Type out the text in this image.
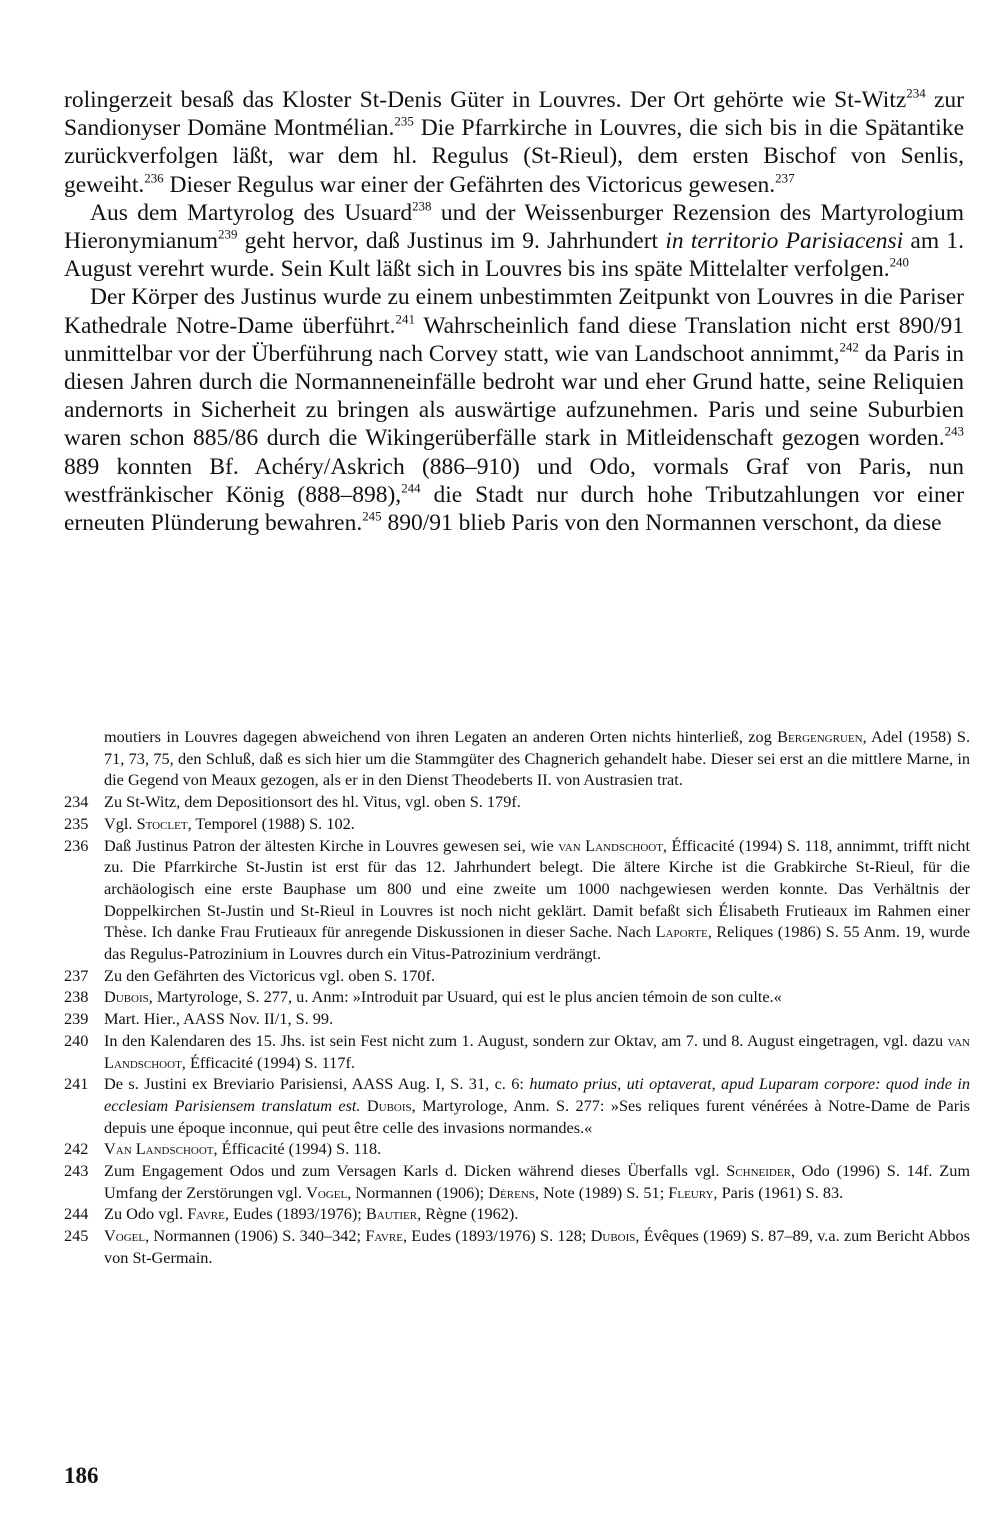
rolingerzeit besaß das Kloster St-Denis Güter in Louvres. Der Ort gehörte wie St-Witz$^{234}$ zur Sandionyser Domäne Montmélian.$^{235}$ Die Pfarrkirche in Louvres, die sich bis in die Spätantike zurückverfolgen läßt, war dem hl. Regulus (St-Rieul), dem ersten Bischof von Senlis, geweiht.$^{236}$ Dieser Regulus war einer der Gefährten des Victoricus gewesen.$^{237}$

Aus dem Martyrolog des Usuard$^{238}$ und der Weissenburger Rezension des Martyrologium Hieronymianum$^{239}$ geht hervor, daß Justinus im 9. Jahrhundert in territorio Parisiacensi am 1. August verehrt wurde. Sein Kult läßt sich in Louvres bis ins späte Mittelalter verfolgen.$^{240}$

Der Körper des Justinus wurde zu einem unbestimmten Zeitpunkt von Louvres in die Pariser Kathedrale Notre-Dame überführt.$^{241}$ Wahrscheinlich fand diese Translation nicht erst 890/91 unmittelbar vor der Überführung nach Corvey statt, wie van Landschoot annimmt,$^{242}$ da Paris in diesen Jahren durch die Normanneneinfälle bedroht war und eher Grund hatte, seine Reliquien andernorts in Sicherheit zu bringen als auswärtige aufzunehmen. Paris und seine Suburbien waren schon 885/86 durch die Wikingerüberfälle stark in Mitleidenschaft gezogen worden.$^{243}$ 889 konnten Bf. Achéry/Askrich (886–910) und Odo, vormals Graf von Paris, nun westfränkischer König (888–898),$^{244}$ die Stadt nur durch hohe Tributzahlungen vor einer erneuten Plünderung bewahren.$^{245}$ 890/91 blieb Paris von den Normannen verschont, da diese

moutiers in Louvres dagegen abweichend von ihren Legaten an anderen Orten nichts hinterließ, zog Bergengruen, Adel (1958) S. 71, 73, 75, den Schluß, daß es sich hier um die Stammgüter des Chagnerich gehandelt habe. Dieser sei erst an die mittlere Marne, in die Gegend von Meaux gezogen, als er in den Dienst Theodeberts II. von Austrasien trat.

234 Zu St-Witz, dem Depositionsort des hl. Vitus, vgl. oben S. 179f.

235 Vgl. Stoclet, Temporel (1988) S. 102.

236 Daß Justinus Patron der ältesten Kirche in Louvres gewesen sei, wie van Landschoot, Éfficacité (1994) S. 118, annimmt, trifft nicht zu. Die Pfarrkirche St-Justin ist erst für das 12. Jahrhundert belegt. Die ältere Kirche ist die Grabkirche St-Rieul, für die archäologisch eine erste Bauphase um 800 und eine zweite um 1000 nachgewiesen werden konnte. Das Verhältnis der Doppelkirchen St-Justin und St-Rieul in Louvres ist noch nicht geklärt. Damit befaßt sich Élisabeth Frutieaux im Rahmen einer Thèse. Ich danke Frau Frutieaux für anregende Diskussionen in dieser Sache. Nach Laporte, Reliques (1986) S. 55 Anm. 19, wurde das Regulus-Patrozinium in Louvres durch ein Vitus-Patrozinium verdrängt.

237 Zu den Gefährten des Victoricus vgl. oben S. 170f.

238 Dubois, Martyrologe, S. 277, u. Anm: »Introduit par Usuard, qui est le plus ancien témoin de son culte.«

239 Mart. Hier., AASS Nov. II/1, S. 99.

240 In den Kalendaren des 15. Jhs. ist sein Fest nicht zum 1. August, sondern zur Oktav, am 7. und 8. August eingetragen, vgl. dazu van Landschoot, Éfficacité (1994) S. 117f.

241 De s. Justini ex Breviario Parisiensi, AASS Aug. I, S. 31, c. 6: humato prius, uti optaverat, apud Luparam corpore: quod inde in ecclesiam Parisiensem translatum est. Dubois, Martyrologe, Anm. S. 277: »Ses reliques furent vénérées à Notre-Dame de Paris depuis une époque inconnue, qui peut être celle des invasions normandes.«

242 Van Landschoot, Éfficacité (1994) S. 118.

243 Zum Engagement Odos und zum Versagen Karls d. Dicken während dieses Überfalls vgl. Schneider, Odo (1996) S. 14f. Zum Umfang der Zerstörungen vgl. Vogel, Normannen (1906); Dérens, Note (1989) S. 51; Fleury, Paris (1961) S. 83.

244 Zu Odo vgl. Favre, Eudes (1893/1976); Bautier, Règne (1962).

245 Vogel, Normannen (1906) S. 340–342; Favre, Eudes (1893/1976) S. 128; Dubois, Évêques (1969) S. 87–89, v.a. zum Bericht Abbos von St-Germain.

186
